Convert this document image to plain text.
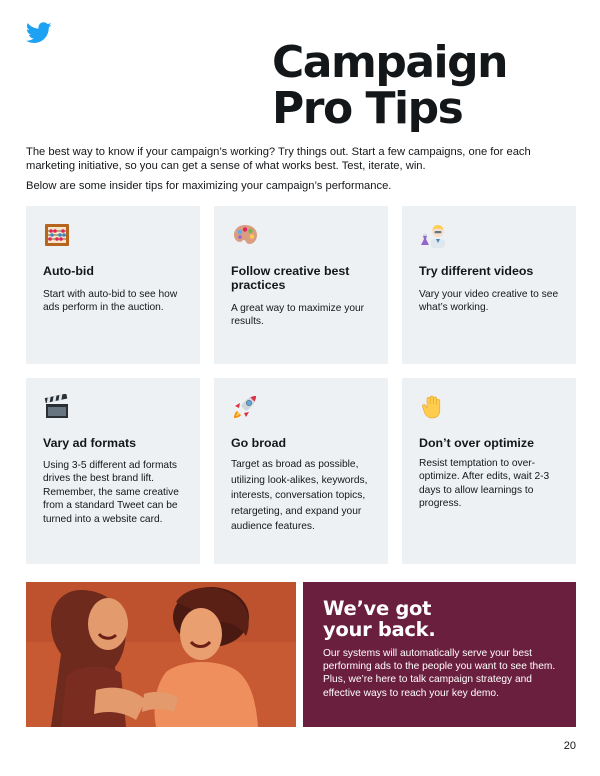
Campaign
Pro Tips

The best way to know if your campaign’s working? Try things out. Start a few campaigns, one for each marketing initiative, so you can get a sense of what works best. Test, iterate, win.

Below are some insider tips for maximizing your campaign’s performance.

Auto-bid

Start with auto-bid to see how ads perform in the auction.

Follow creative best practices

A great way to maximize your results.

Try different videos

Vary your video creative to see what’s working.

Vary ad formats

Using 3-5 different ad formats drives the best brand lift. Remember, the same creative from a standard Tweet can be turned into a website card.

Go broad

Target as broad as possible, utilizing look-alikes, keywords, interests, conversation topics, retargeting, and expand your audience features.

Don’t over optimize

Resist temptation to over-optimize. After edits, wait 2-3 days to allow learnings to progress.

We’ve got
your back.

Our systems will automatically serve your best performing ads to the people you want to see them. Plus, we’re here to talk campaign strategy and effective ways to reach your key demo.

20
